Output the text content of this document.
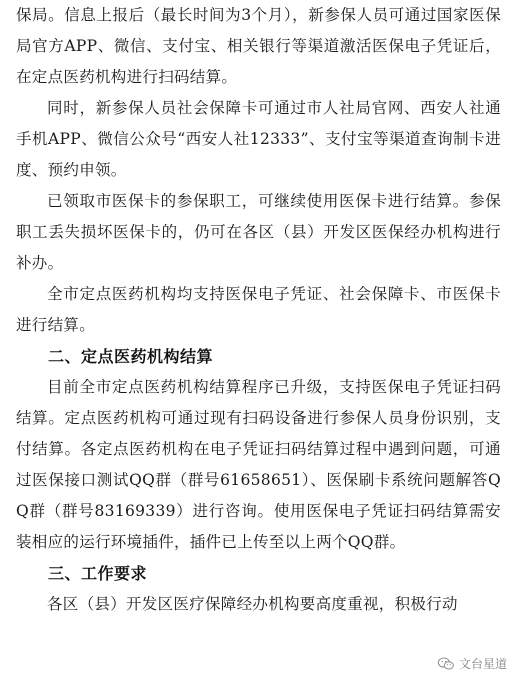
保局。信息上报后（最长时间为3个月），新参保人员可通过国家医保局官方APP、微信、支付宝、相关银行等渠道激活医保电子凭证后，在定点医药机构进行扫码结算。

同时，新参保人员社会保障卡可通过市人社局官网、西安人社通手机APP、微信公众号“西安人社12333”、支付宝等渠道查询制卡进度、预约申领。

已领取市医保卡的参保职工，可继续使用医保卡进行结算。参保职工丢失损坏医保卡的，仍可在各区（县）开发区医保经办机构进行补办。

全市定点医药机构均支持医保电子凭证、社会保障卡、市医保卡进行结算。

二、定点医药机构结算

目前全市定点医药机构结算程序已升级，支持医保电子凭证扫码结算。定点医药机构可通过现有扫码设备进行参保人员身份识别，支付结算。各定点医药机构在电子凭证扫码结算过程中遇到问题，可通过医保接口测试QQ群（群号61658651）、医保刷卡系统问题解答QQ群（群号83169339）进行咨询。使用医保电子凭证扫码结算需安装相应的运行环境插件，插件已上传至以上两个QQ群。

三、工作要求

各区（县）开发区医疗保障经办机构要高度重视，积极行动

文台星道
